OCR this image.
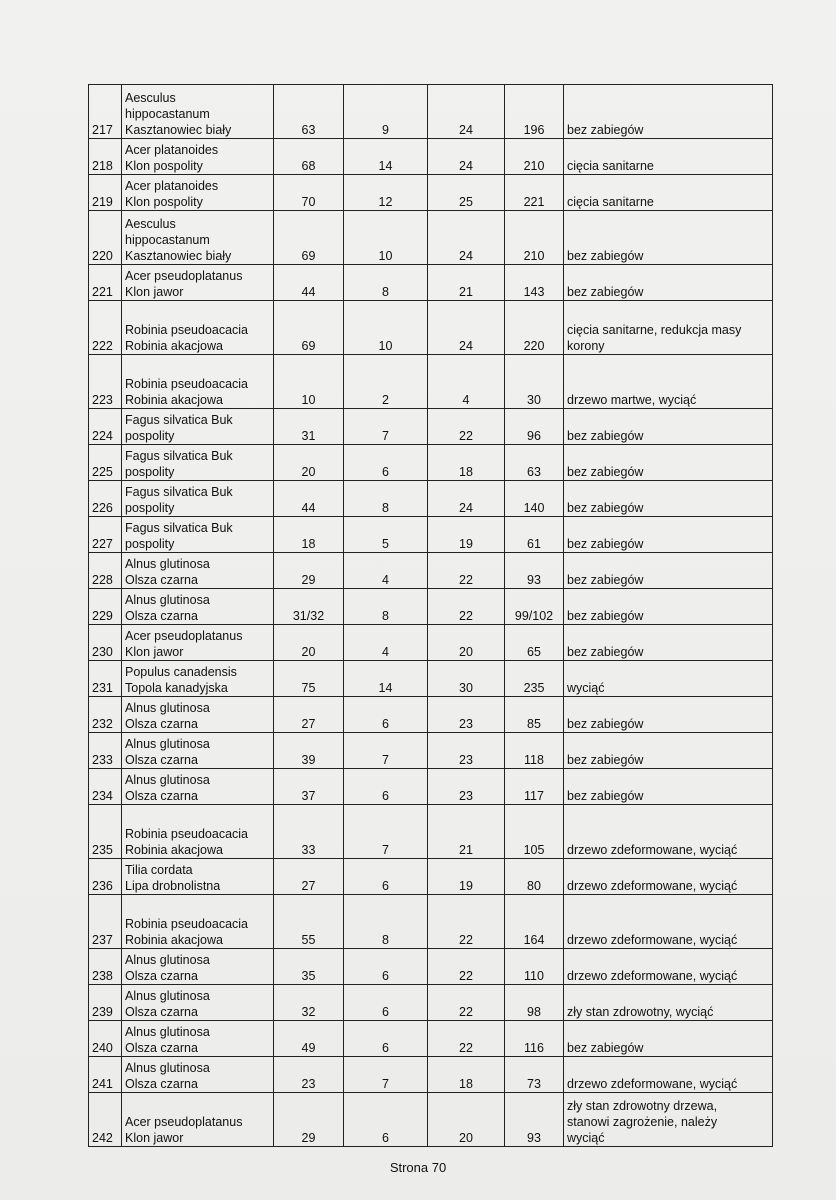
217	Aesculus
hippocastanum
Kasztanowiec biały	63	9	24	196	bez zabiegów
218	Acer platanoides
Klon pospolity	68	14	24	210	cięcia sanitarne
219	Acer platanoides
Klon pospolity	70	12	25	221	cięcia sanitarne
220	Aesculus
hippocastanum
Kasztanowiec biały	69	10	24	210	bez zabiegów
221	Acer pseudoplatanus
Klon jawor	44	8	21	143	bez zabiegów
222	Robinia pseudoacacia
Robinia akacjowa	69	10	24	220	cięcia sanitarne, redukcja masy
korony
223	Robinia pseudoacacia
Robinia akacjowa	10	2	4	30	drzewo martwe, wyciąć
224	Fagus silvatica Buk
pospolity	31	7	22	96	bez zabiegów
225	Fagus silvatica Buk
pospolity	20	6	18	63	bez zabiegów
226	Fagus silvatica Buk
pospolity	44	8	24	140	bez zabiegów
227	Fagus silvatica Buk
pospolity	18	5	19	61	bez zabiegów
228	Alnus glutinosa
Olsza czarna	29	4	22	93	bez zabiegów
229	Alnus glutinosa
Olsza czarna	31/32	8	22	99/102	bez zabiegów
230	Acer pseudoplatanus
Klon jawor	20	4	20	65	bez zabiegów
231	Populus canadensis
Topola kanadyjska	75	14	30	235	wyciąć
232	Alnus glutinosa
Olsza czarna	27	6	23	85	bez zabiegów
233	Alnus glutinosa
Olsza czarna	39	7	23	118	bez zabiegów
234	Alnus glutinosa
Olsza czarna	37	6	23	117	bez zabiegów
235	Robinia pseudoacacia
Robinia akacjowa	33	7	21	105	drzewo zdeformowane, wyciąć
236	Tilia cordata
Lipa drobnolistna	27	6	19	80	drzewo zdeformowane, wyciąć
237	Robinia pseudoacacia
Robinia akacjowa	55	8	22	164	drzewo zdeformowane, wyciąć
238	Alnus glutinosa
Olsza czarna	35	6	22	110	drzewo zdeformowane, wyciąć
239	Alnus glutinosa
Olsza czarna	32	6	22	98	zły stan zdrowotny, wyciąć
240	Alnus glutinosa
Olsza czarna	49	6	22	116	bez zabiegów
241	Alnus glutinosa
Olsza czarna	23	7	18	73	drzewo zdeformowane, wyciąć
242	Acer pseudoplatanus
Klon jawor	29	6	20	93	zły stan zdrowotny drzewa,
stanowi zagrożenie, należy
wyciąć
Strona 70
